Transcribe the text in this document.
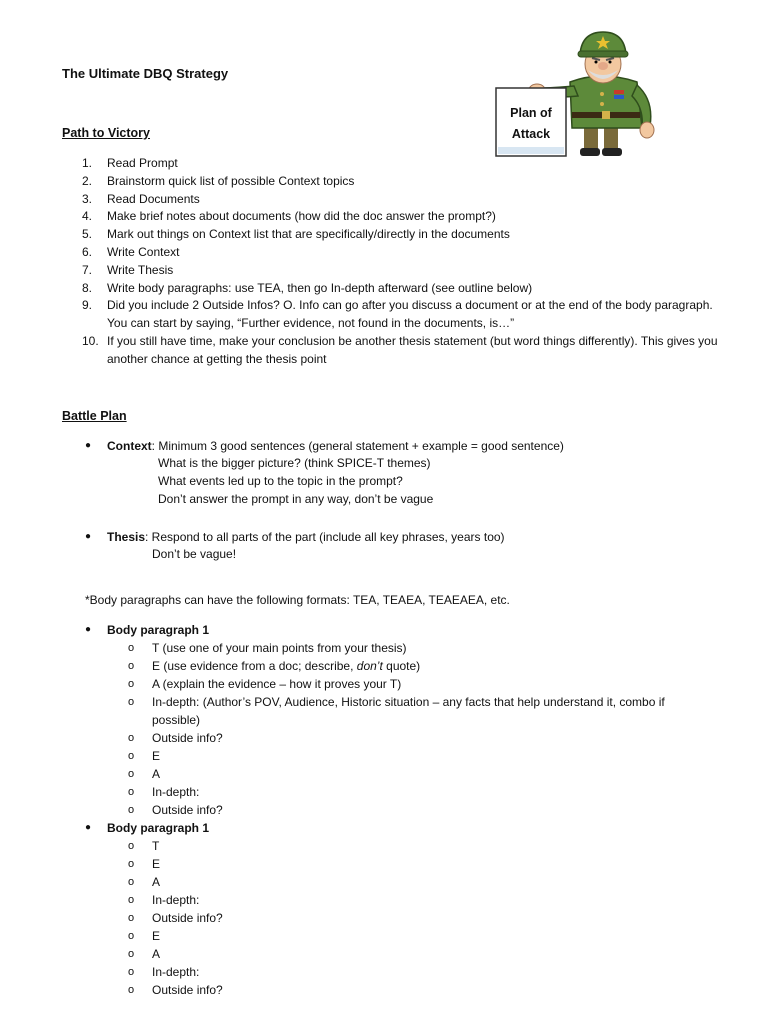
The Ultimate DBQ Strategy
Plan of
Attack
Path to Victory
1.	Read Prompt
2.	Brainstorm quick list of possible Context topics
3.	Read Documents
4.	Make brief notes about documents (how did the doc answer the prompt?)
5.	Mark out things on Context list that are specifically/directly in the documents
6.	Write Context
7.	Write Thesis
8.	Write body paragraphs: use TEA, then go In-depth afterward (see outline below)
9.	Did you include 2 Outside Infos? O. Info can go after you discuss a document or at the end of the body paragraph. You can start by saying, “Further evidence, not found in the documents, is…”
10. If you still have time, make your conclusion be another thesis statement (but word things differently). This gives you another chance at getting the thesis point
Battle Plan
● Context: Minimum 3 good sentences (general statement + example = good sentence)
What is the bigger picture? (think SPICE-T themes)
What events led up to the topic in the prompt?
Don’t answer the prompt in any way, don’t be vague
● Thesis: Respond to all parts of the part (include all key phrases, years too)
Don’t be vague!
*Body paragraphs can have the following formats: TEA, TEAEA, TEAEAEA, etc.
● Body paragraph 1
o T (use one of your main points from your thesis)
o E (use evidence from a doc; describe, don’t quote)
o A (explain the evidence – how it proves your T)
o In-depth: (Author’s POV, Audience, Historic situation – any facts that help understand it, combo if possible)
o Outside info?
o E
o A
o In-depth:
o Outside info?
● Body paragraph 1
o T
o E
o A
o In-depth:
o Outside info?
o E
o A
o In-depth:
o Outside info?
